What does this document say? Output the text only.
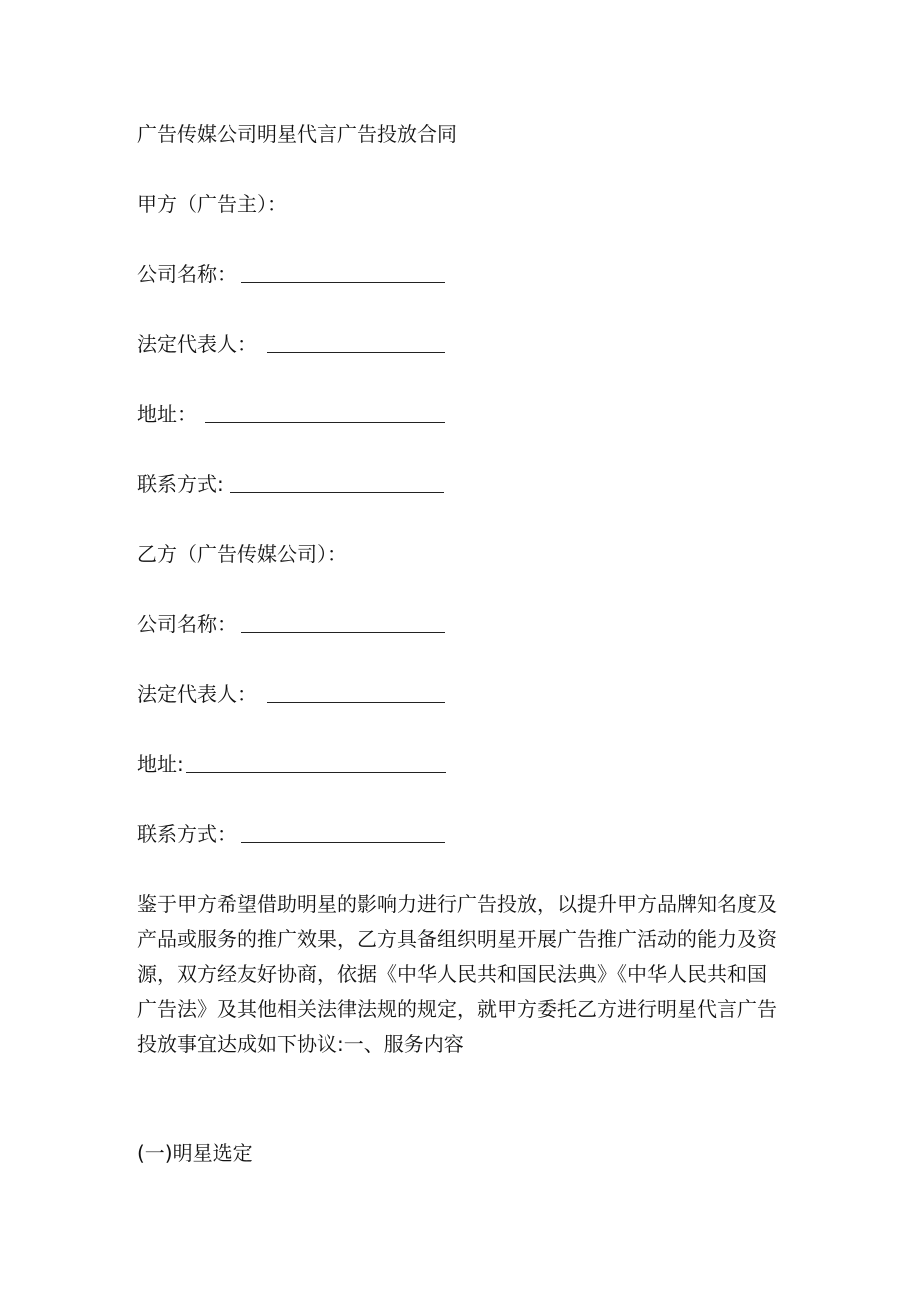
广告传媒公司明星代言广告投放合同
甲方（广告主）：
公司名称：
法定代表人：
地址：
联系方式:
乙方（广告传媒公司）：
公司名称：
法定代表人：
地址:
联系方式：
鉴于甲方希望借助明星的影响力进行广告投放，以提升甲方品牌知名度及
产品或服务的推广效果，乙方具备组织明星开展广告推广活动的能力及资
源，双方经友好协商，依据《中华人民共和国民法典》《中华人民共和国
广告法》及其他相关法律法规的规定，就甲方委托乙方进行明星代言广告
投放事宜达成如下协议:一、服务内容
(一)明星选定
